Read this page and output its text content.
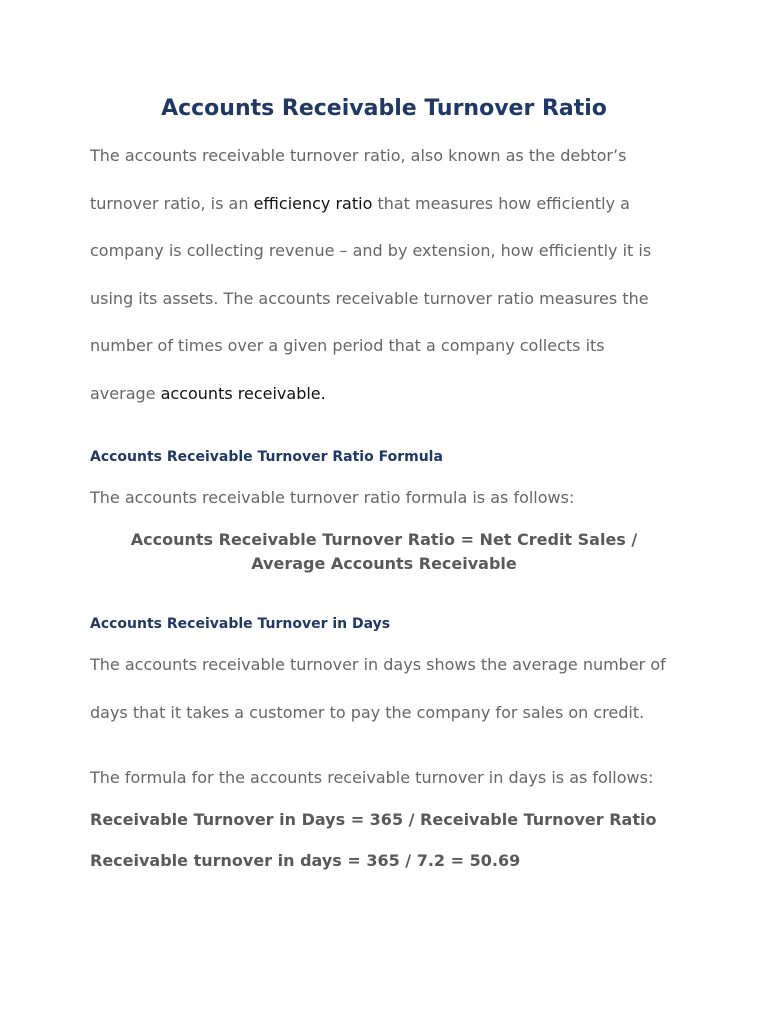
Accounts Receivable Turnover Ratio

The accounts receivable turnover ratio, also known as the debtor’s turnover ratio, is an efficiency ratio that measures how efficiently a company is collecting revenue – and by extension, how efficiently it is using its assets. The accounts receivable turnover ratio measures the number of times over a given period that a company collects its average accounts receivable.

Accounts Receivable Turnover Ratio Formula

The accounts receivable turnover ratio formula is as follows:

Accounts Receivable Turnover Ratio = Net Credit Sales / Average Accounts Receivable

Accounts Receivable Turnover in Days

The accounts receivable turnover in days shows the average number of days that it takes a customer to pay the company for sales on credit.

The formula for the accounts receivable turnover in days is as follows:

Receivable Turnover in Days = 365 / Receivable Turnover Ratio

Receivable turnover in days = 365 / 7.2 = 50.69
